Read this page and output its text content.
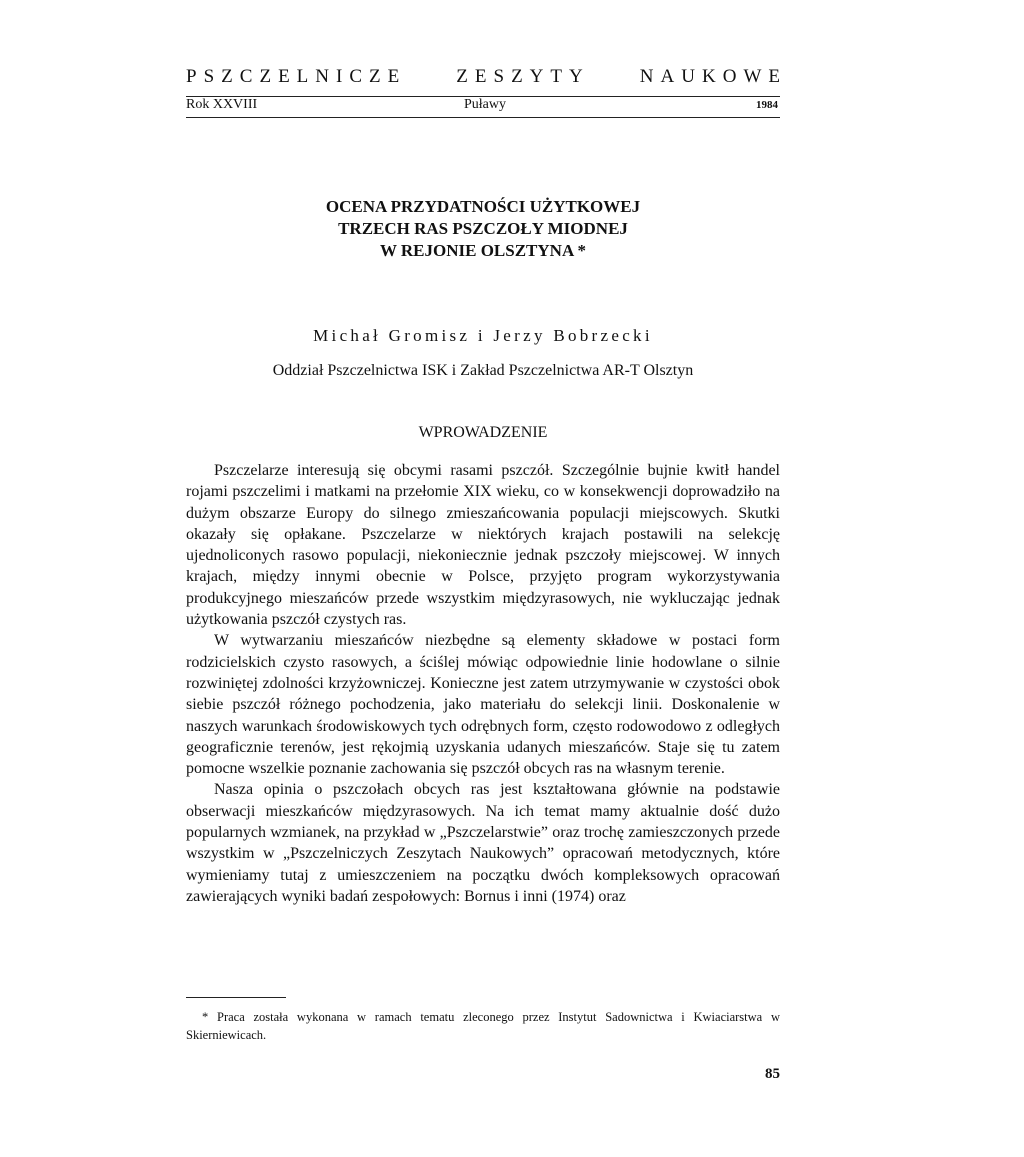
P S Z C Z E L N I C Z E	Z E S Z Y T Y	N A U K O W E
Rok XXVIII	Puławy	1984
OCENA PRZYDATNOŚCI UŻYTKOWEJ
TRZECH RAS PSZCZOŁY MIODNEJ
W REJONIE OLSZTYNA *
Michał Gromisz i Jerzy Bobrzecki
Oddział Pszczelnictwa ISK i Zakład Pszczelnictwa AR-T Olsztyn
WPROWADZENIE

Pszczelarze interesują się obcymi rasami pszczół. Szczególnie bujnie kwitł handel rojami pszczelimi i matkami na przełomie XIX wieku, co w konsekwencji doprowadziło na dużym obszarze Europy do silnego zmieszańcowania populacji miejscowych. Skutki okazały się opłakane. Pszczelarze w niektórych krajach postawili na selekcję ujednoliconych rasowo populacji, niekoniecznie jednak pszczoły miejscowej. W innych krajach, między innymi obecnie w Polsce, przyjęto program wykorzystywania produkcyjnego mieszańców przede wszystkim międzyrasowych, nie wykluczając jednak użytkowania pszczół czystych ras.

W wytwarzaniu mieszańców niezbędne są elementy składowe w postaci form rodzicielskich czysto rasowych, a ściślej mówiąc odpowiednie linie hodowlane o silnie rozwiniętej zdolności krzyżowniczej. Konieczne jest zatem utrzymywanie w czystości obok siebie pszczół różnego pochodzenia, jako materiału do selekcji linii. Doskonalenie w naszych warunkach środowiskowych tych odrębnych form, często rodowodowo z odległych geograficznie terenów, jest rękojmią uzyskania udanych mieszańców. Staje się tu zatem pomocne wszelkie poznanie zachowania się pszczół obcych ras na własnym terenie.

Nasza opinia o pszczołach obcych ras jest kształtowana głównie na podstawie obserwacji mieszkańców międzyrasowych. Na ich temat mamy aktualnie dość dużo popularnych wzmianek, na przykład w „Pszczelarstwie” oraz trochę zamieszczonych przede wszystkim w „Pszczelniczych Zeszytach Naukowych” opracowań metodycznych, które wymieniamy tutaj z umieszczeniem na początku dwóch kompleksowych opracowań zawierających wyniki badań zespołowych: Bornus i inni (1974) oraz

* Praca została wykonana w ramach tematu zleconego przez Instytut Sadownictwa i Kwiaciarstwa w Skierniewicach.
85
